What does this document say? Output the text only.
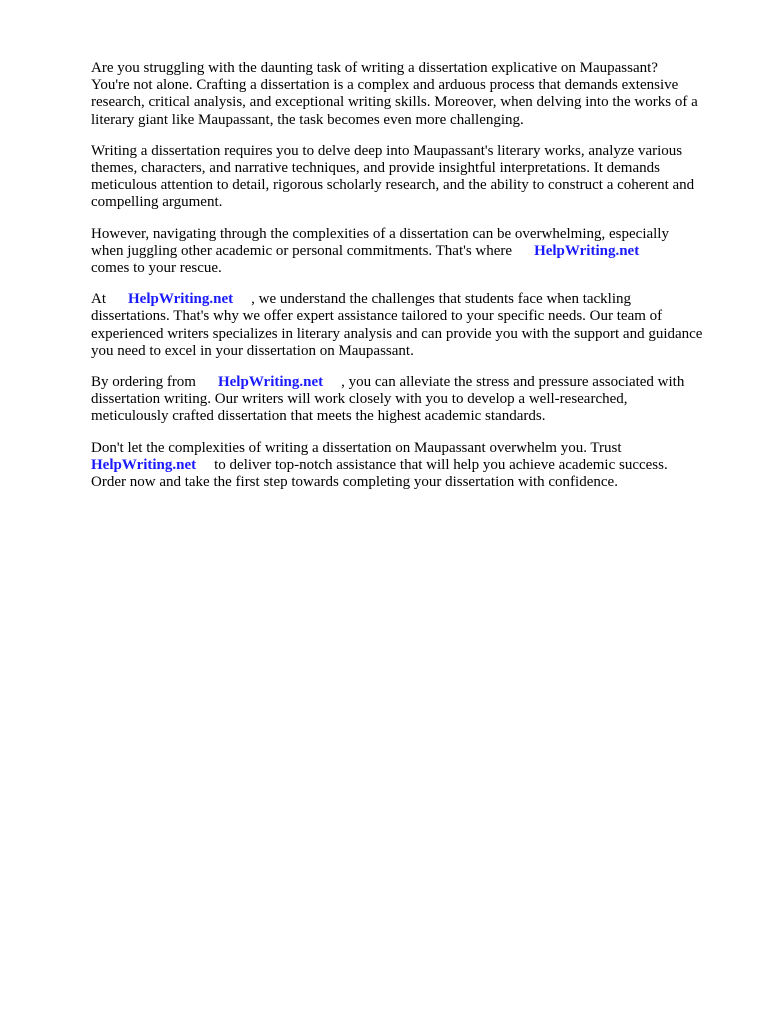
Are you struggling with the daunting task of writing a dissertation explicative on Maupassant?
You're not alone. Crafting a dissertation is a complex and arduous process that demands extensive
research, critical analysis, and exceptional writing skills. Moreover, when delving into the works of a
literary giant like Maupassant, the task becomes even more challenging.

Writing a dissertation requires you to delve deep into Maupassant's literary works, analyze various
themes, characters, and narrative techniques, and provide insightful interpretations. It demands
meticulous attention to detail, rigorous scholarly research, and the ability to construct a coherent and
compelling argument.

However, navigating through the complexities of a dissertation can be overwhelming, especially
when juggling other academic or personal commitments. That's where HelpWriting.net
comes to your rescue.

At HelpWriting.net , we understand the challenges that students face when tackling
dissertations. That's why we offer expert assistance tailored to your specific needs. Our team of
experienced writers specializes in literary analysis and can provide you with the support and guidance
you need to excel in your dissertation on Maupassant.

By ordering from HelpWriting.net , you can alleviate the stress and pressure associated with
dissertation writing. Our writers will work closely with you to develop a well-researched,
meticulously crafted dissertation that meets the highest academic standards.

Don't let the complexities of writing a dissertation on Maupassant overwhelm you. Trust
HelpWriting.net to deliver top-notch assistance that will help you achieve academic success.
Order now and take the first step towards completing your dissertation with confidence.
